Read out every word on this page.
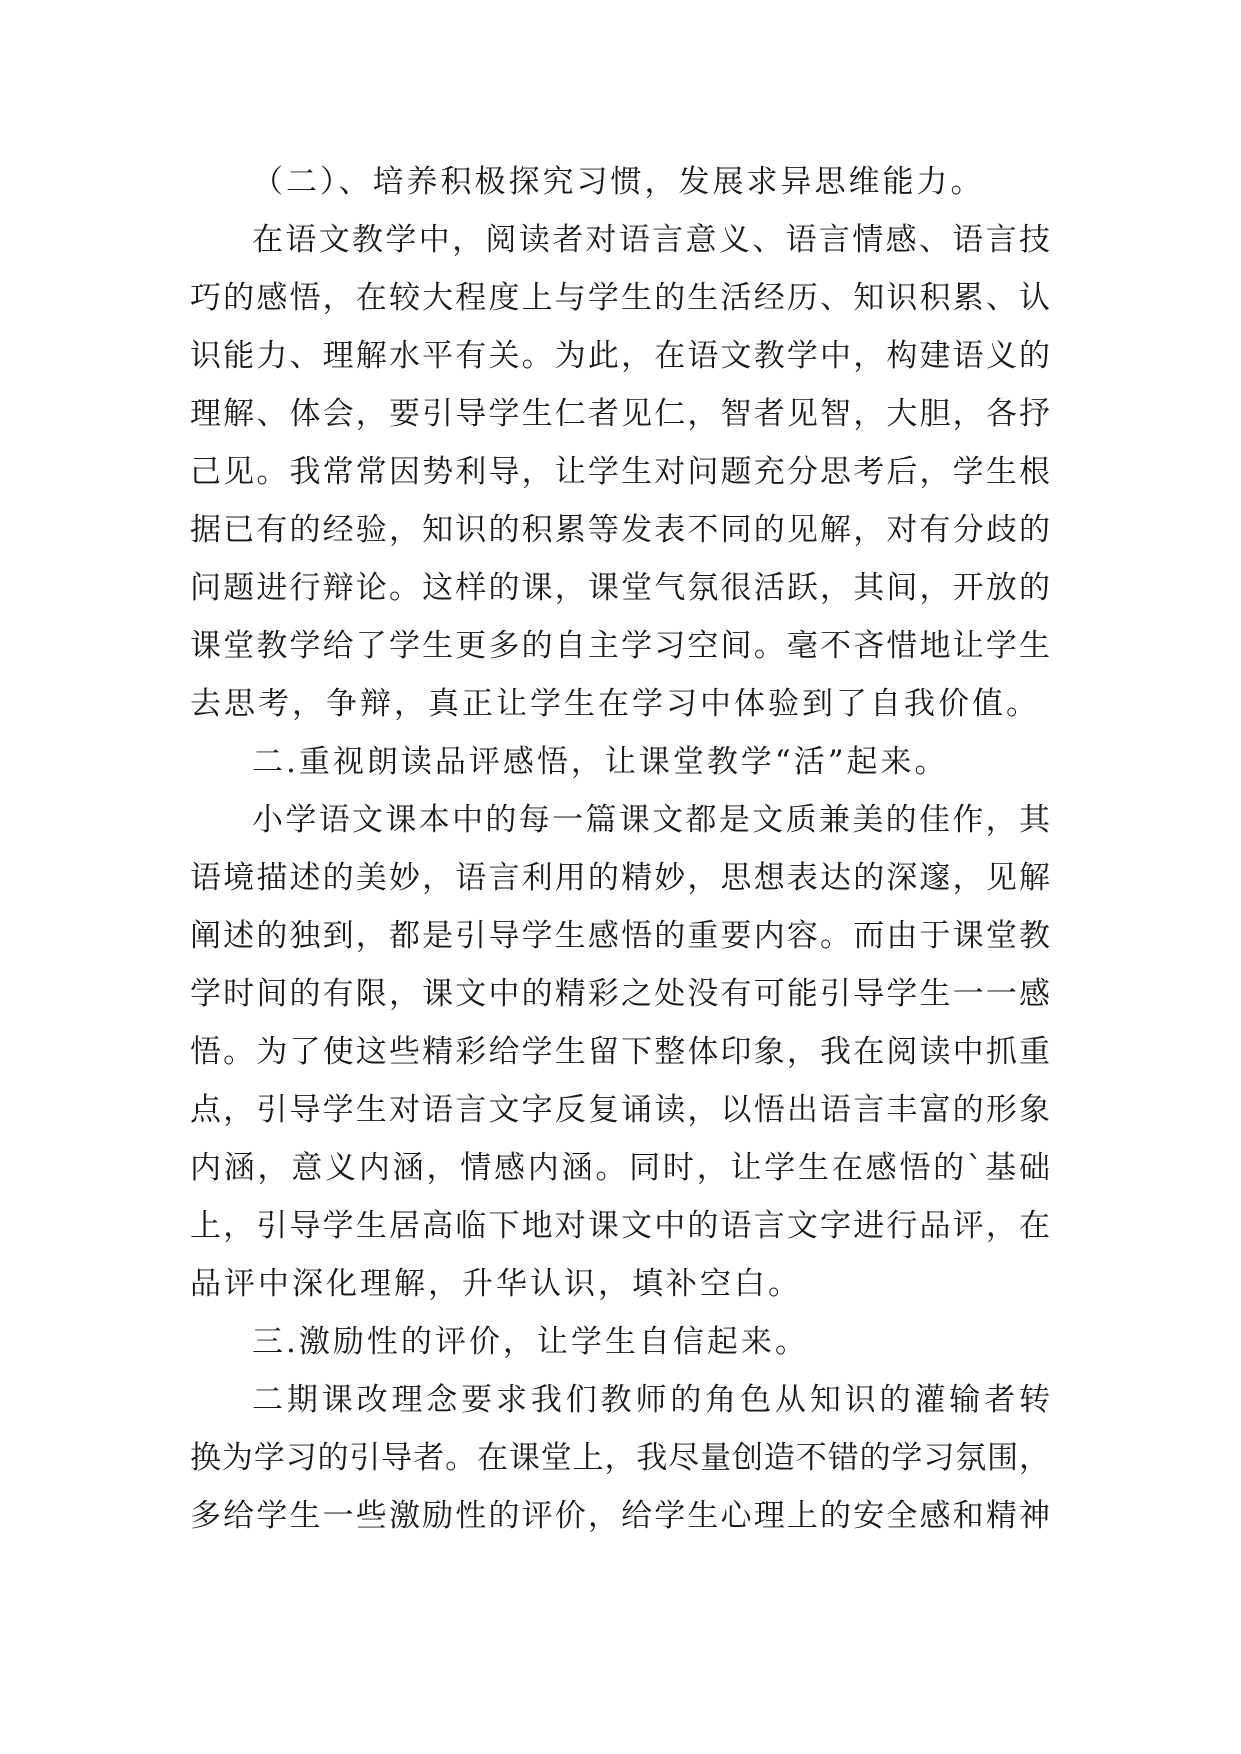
（二）、培养积极探究习惯，发展求异思维能力。
在语文教学中，阅读者对语言意义、语言情感、语言技
巧的感悟，在较大程度上与学生的生活经历、知识积累、认
识能力、理解水平有关。为此，在语文教学中，构建语义的
理解、体会，要引导学生仁者见仁，智者见智，大胆，各抒
己见。我常常因势利导，让学生对问题充分思考后，学生根
据已有的经验，知识的积累等发表不同的见解，对有分歧的
问题进行辩论。这样的课，课堂气氛很活跃，其间，开放的
课堂教学给了学生更多的自主学习空间。毫不吝惜地让学生
去思考，争辩，真正让学生在学习中体验到了自我价值。
二.重视朗读品评感悟，让课堂教学“活”起来。
小学语文课本中的每一篇课文都是文质兼美的佳作，其
语境描述的美妙，语言利用的精妙，思想表达的深邃，见解
阐述的独到，都是引导学生感悟的重要内容。而由于课堂教
学时间的有限，课文中的精彩之处没有可能引导学生一一感
悟。为了使这些精彩给学生留下整体印象，我在阅读中抓重
点，引导学生对语言文字反复诵读，以悟出语言丰富的形象
内涵，意义内涵，情感内涵。同时，让学生在感悟的`基础
上，引导学生居高临下地对课文中的语言文字进行品评，在
品评中深化理解，升华认识，填补空白。
三.激励性的评价，让学生自信起来。
二期课改理念要求我们教师的角色从知识的灌输者转
换为学习的引导者。在课堂上，我尽量创造不错的学习氛围，
多给学生一些激励性的评价，给学生心理上的安全感和精神
